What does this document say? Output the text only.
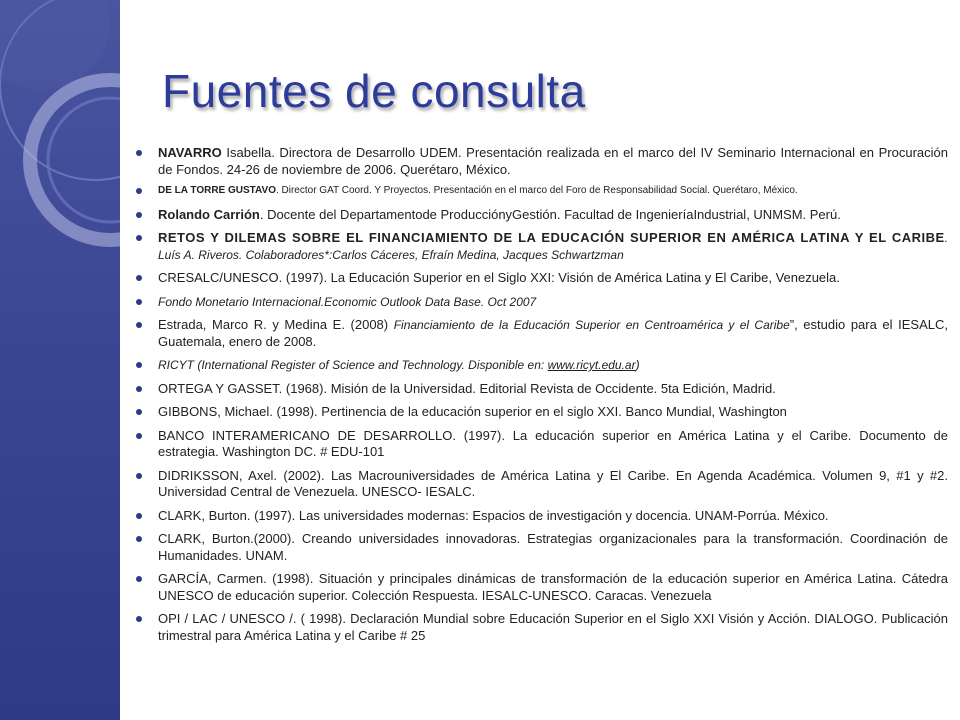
Fuentes de consulta
NAVARRO Isabella. Directora de Desarrollo UDEM. Presentación realizada en el marco del IV Seminario Internacional en Procuración de Fondos. 24-26 de noviembre de 2006. Querétaro, México.
DE LA TORRE GUSTAVO. Director GAT Coord. Y Proyectos. Presentación en el marco del Foro de Responsabilidad Social. Querétaro, México.
Rolando Carrión. Docente del Departamentode ProducciónyGestión. Facultad de IngenieríaIndustrial, UNMSM. Perú.
RETOS Y DILEMAS SOBRE EL FINANCIAMIENTO DE LA EDUCACIÓN SUPERIOR EN AMÉRICA LATINA Y EL CARIBE. Luís A. Riveros. Colaboradores*:Carlos Cáceres, Efraín Medina, Jacques Schwartzman
CRESALC/UNESCO. (1997). La Educación Superior en el Siglo XXI: Visión de América Latina y El Caribe, Venezuela.
Fondo Monetario Internacional.Economic Outlook Data Base. Oct 2007
Estrada, Marco R. y Medina E. (2008) Financiamiento de la Educación Superior en Centroamérica y el Caribe”, estudio para el IESALC, Guatemala, enero de 2008.
RICYT (International Register of Science and Technology. Disponible en: www.ricyt.edu.ar)
ORTEGA Y GASSET. (1968). Misión de la Universidad. Editorial Revista de Occidente. 5ta Edición, Madrid.
GIBBONS, Michael. (1998). Pertinencia de la educación superior en el siglo XXI. Banco Mundial, Washington
BANCO INTERAMERICANO DE DESARROLLO. (1997). La educación superior en América Latina y el Caribe. Documento de estrategia. Washington DC. # EDU-101
DIDRIKSSON, Axel. (2002). Las Macrouniversidades de América Latina y El Caribe. En Agenda Académica. Volumen 9, #1 y #2. Universidad Central de Venezuela. UNESCO- IESALC.
CLARK, Burton. (1997). Las universidades modernas: Espacios de investigación y docencia. UNAM-Porrúa. México.
CLARK, Burton.(2000). Creando universidades innovadoras. Estrategias organizacionales para la transformación. Coordinación de Humanidades. UNAM.
GARCÍA, Carmen. (1998). Situación y principales dinámicas de transformación de la educación superior en América Latina. Cátedra UNESCO de educación superior. Colección Respuesta. IESALC-UNESCO. Caracas. Venezuela
OPI / LAC / UNESCO /. ( 1998). Declaración Mundial sobre Educación Superior en el Siglo XXI Visión y Acción. DIALOGO. Publicación trimestral para América Latina y el Caribe # 25
